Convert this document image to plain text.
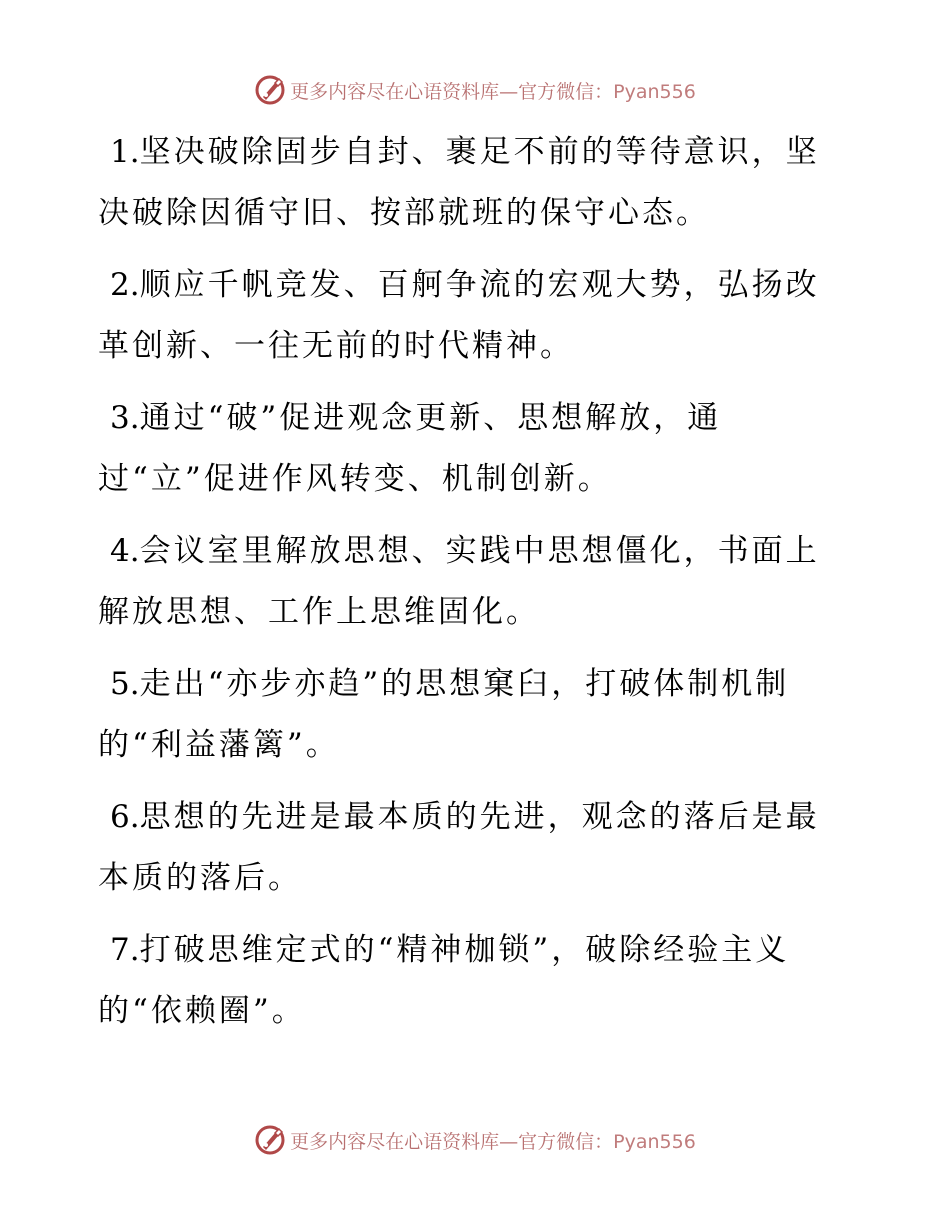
更多内容尽在心语资料库—官方微信：Pyan556

1.坚决破除固步自封、裹足不前的等待意识，坚决破除因循守旧、按部就班的保守心态。

2.顺应千帆竞发、百舸争流的宏观大势，弘扬改革创新、一往无前的时代精神。

3.通过“破”促进观念更新、思想解放，通过“立”促进作风转变、机制创新。

4.会议室里解放思想、实践中思想僵化，书面上解放思想、工作上思维固化。

5.走出“亦步亦趋”的思想窠臼，打破体制机制的“利益藩篱”。

6.思想的先进是最本质的先进，观念的落后是最本质的落后。

7.打破思维定式的“精神枷锁”，破除经验主义的“依赖圈”。

更多内容尽在心语资料库—官方微信：Pyan556
